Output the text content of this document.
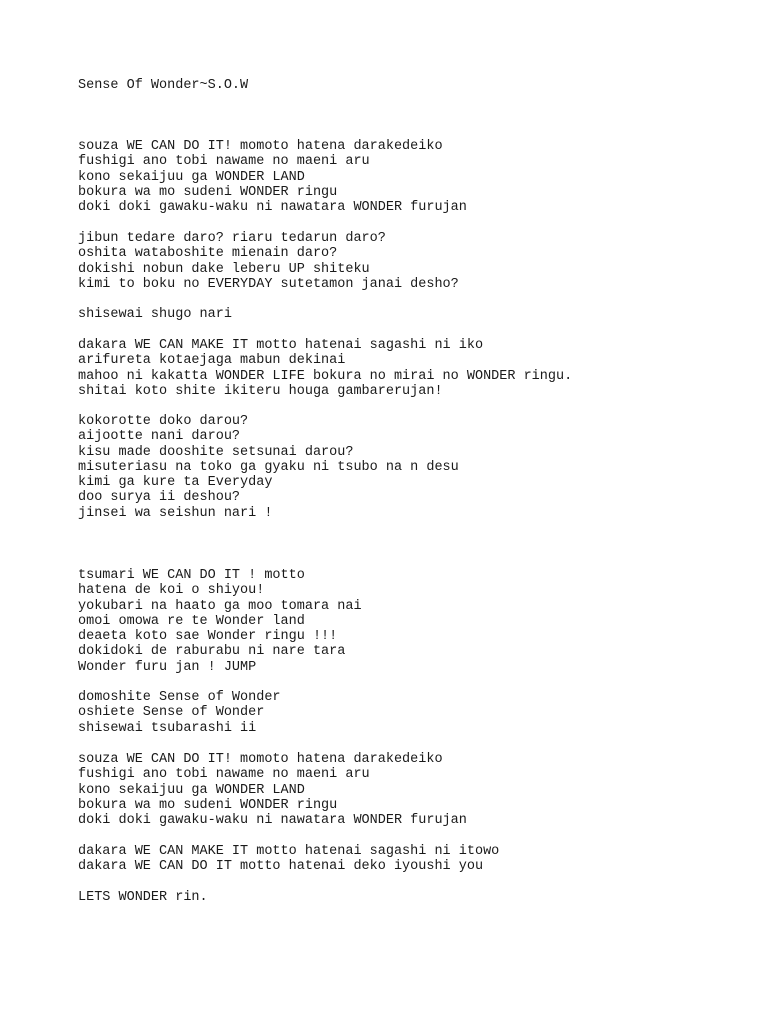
Sense Of Wonder~S.O.W
souza WE CAN DO IT! momoto hatena darakedeiko
fushigi ano tobi nawame no maeni aru
kono sekaijuu ga WONDER LAND
bokura wa mo sudeni WONDER ringu
doki doki gawaku-waku ni nawatara WONDER furujan
jibun tedare daro? riaru tedarun daro?
oshita wataboshite mienain daro?
dokishi nobun dake leberu UP shiteku
kimi to boku no EVERYDAY sutetamon janai desho?
shisewai shugo nari
dakara WE CAN MAKE IT motto hatenai sagashi ni iko
arifureta kotaejaga mabun dekinai
mahoo ni kakatta WONDER LIFE bokura no mirai no WONDER ringu.
shitai koto shite ikiteru houga gambarerujan!
kokorotte doko darou?
aijootte nani darou?
kisu made dooshite setsunai darou?
misuteriasu na toko ga gyaku ni tsubo na n desu
kimi ga kure ta Everyday
doo surya ii deshou?
jinsei wa seishun nari !
tsumari WE CAN DO IT ! motto
hatena de koi o shiyou!
yokubari na haato ga moo tomara nai
omoi omowa re te Wonder land
deaeta koto sae Wonder ringu !!!
dokidoki de raburabu ni nare tara
Wonder furu jan ! JUMP
domoshite Sense of Wonder
oshiete Sense of Wonder
shisewai tsubarashi ii
souza WE CAN DO IT! momoto hatena darakedeiko
fushigi ano tobi nawame no maeni aru
kono sekaijuu ga WONDER LAND
bokura wa mo sudeni WONDER ringu
doki doki gawaku-waku ni nawatara WONDER furujan
dakara WE CAN MAKE IT motto hatenai sagashi ni itowo
dakara WE CAN DO IT motto hatenai deko iyoushi you
LETS WONDER rin.
